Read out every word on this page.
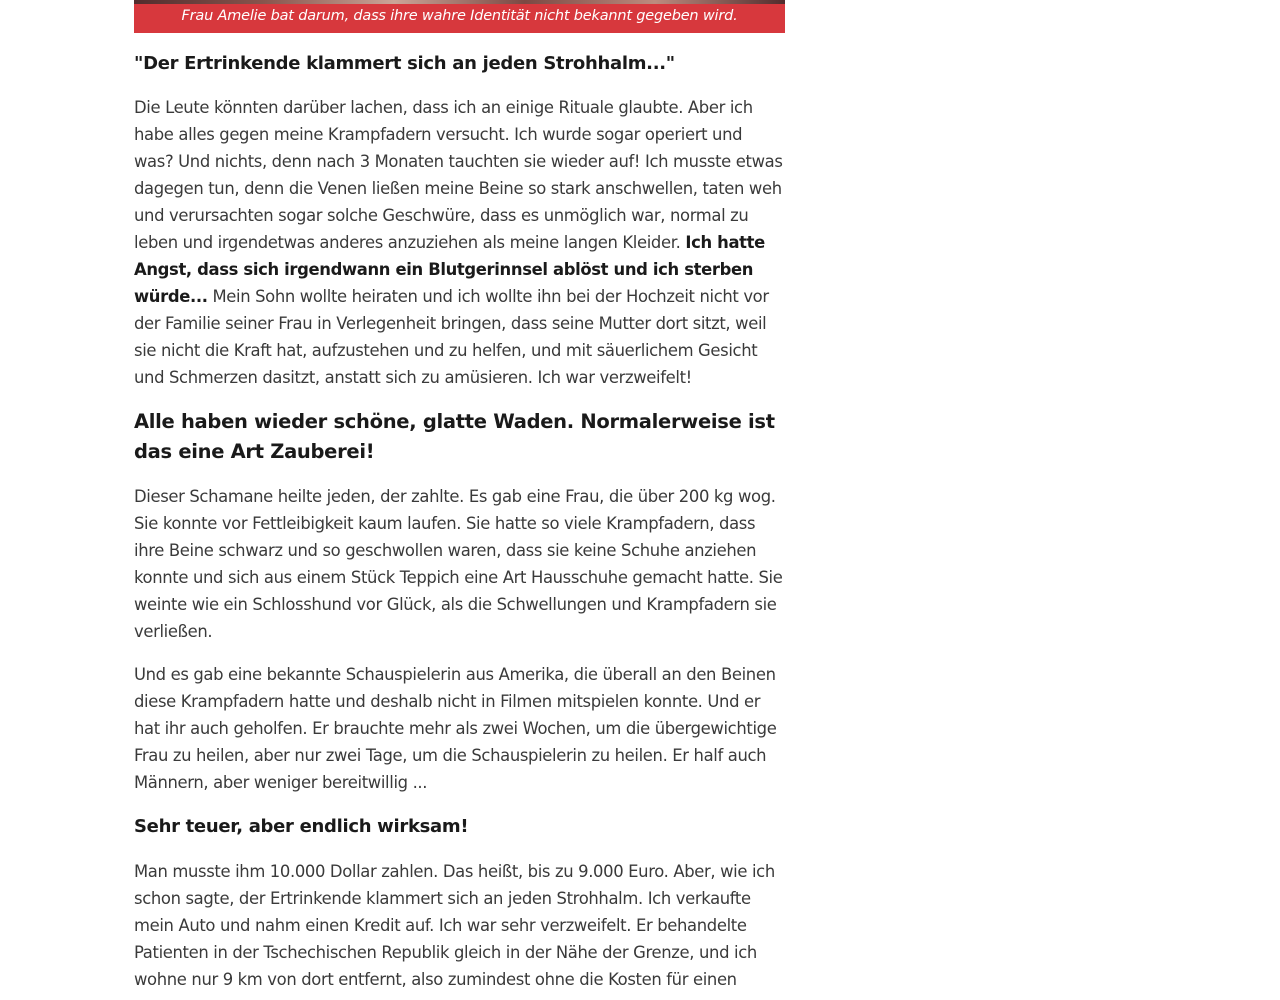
Frau Amelie bat darum, dass ihre wahre Identität nicht bekannt gegeben wird.
"Der Ertrinkende klammert sich an jeden Strohhalm..."

Die Leute könnten darüber lachen, dass ich an einige Rituale glaubte. Aber ich habe alles gegen meine Krampfadern versucht. Ich wurde sogar operiert und was? Und nichts, denn nach 3 Monaten tauchten sie wieder auf! Ich musste etwas dagegen tun, denn die Venen ließen meine Beine so stark anschwellen, taten weh und verursachten sogar solche Geschwüre, dass es unmöglich war, normal zu leben und irgendetwas anderes anzuziehen als meine langen Kleider. Ich hatte Angst, dass sich irgendwann ein Blutgerinnsel ablöst und ich sterben würde... Mein Sohn wollte heiraten und ich wollte ihn bei der Hochzeit nicht vor der Familie seiner Frau in Verlegenheit bringen, dass seine Mutter dort sitzt, weil sie nicht die Kraft hat, aufzustehen und zu helfen, und mit säuerlichem Gesicht und Schmerzen dasitzt, anstatt sich zu amüsieren. Ich war verzweifelt!

Alle haben wieder schöne, glatte Waden. Normalerweise ist das eine Art Zauberei!

Dieser Schamane heilte jeden, der zahlte. Es gab eine Frau, die über 200 kg wog. Sie konnte vor Fettleibigkeit kaum laufen. Sie hatte so viele Krampfadern, dass ihre Beine schwarz und so geschwollen waren, dass sie keine Schuhe anziehen konnte und sich aus einem Stück Teppich eine Art Hausschuhe gemacht hatte. Sie weinte wie ein Schlosshund vor Glück, als die Schwellungen und Krampfadern sie verließen.

Und es gab eine bekannte Schauspielerin aus Amerika, die überall an den Beinen diese Krampfadern hatte und deshalb nicht in Filmen mitspielen konnte. Und er hat ihr auch geholfen. Er brauchte mehr als zwei Wochen, um die übergewichtige Frau zu heilen, aber nur zwei Tage, um die Schauspielerin zu heilen. Er half auch Männern, aber weniger bereitwillig ...

Sehr teuer, aber endlich wirksam!

Man musste ihm 10.000 Dollar zahlen. Das heißt, bis zu 9.000 Euro. Aber, wie ich schon sagte, der Ertrinkende klammert sich an jeden Strohhalm. Ich verkaufte mein Auto und nahm einen Kredit auf. Ich war sehr verzweifelt. Er behandelte Patienten in der Tschechischen Republik gleich in der Nähe der Grenze, und ich wohne nur 9 km von dort entfernt, also zumindest ohne die Kosten für einen
